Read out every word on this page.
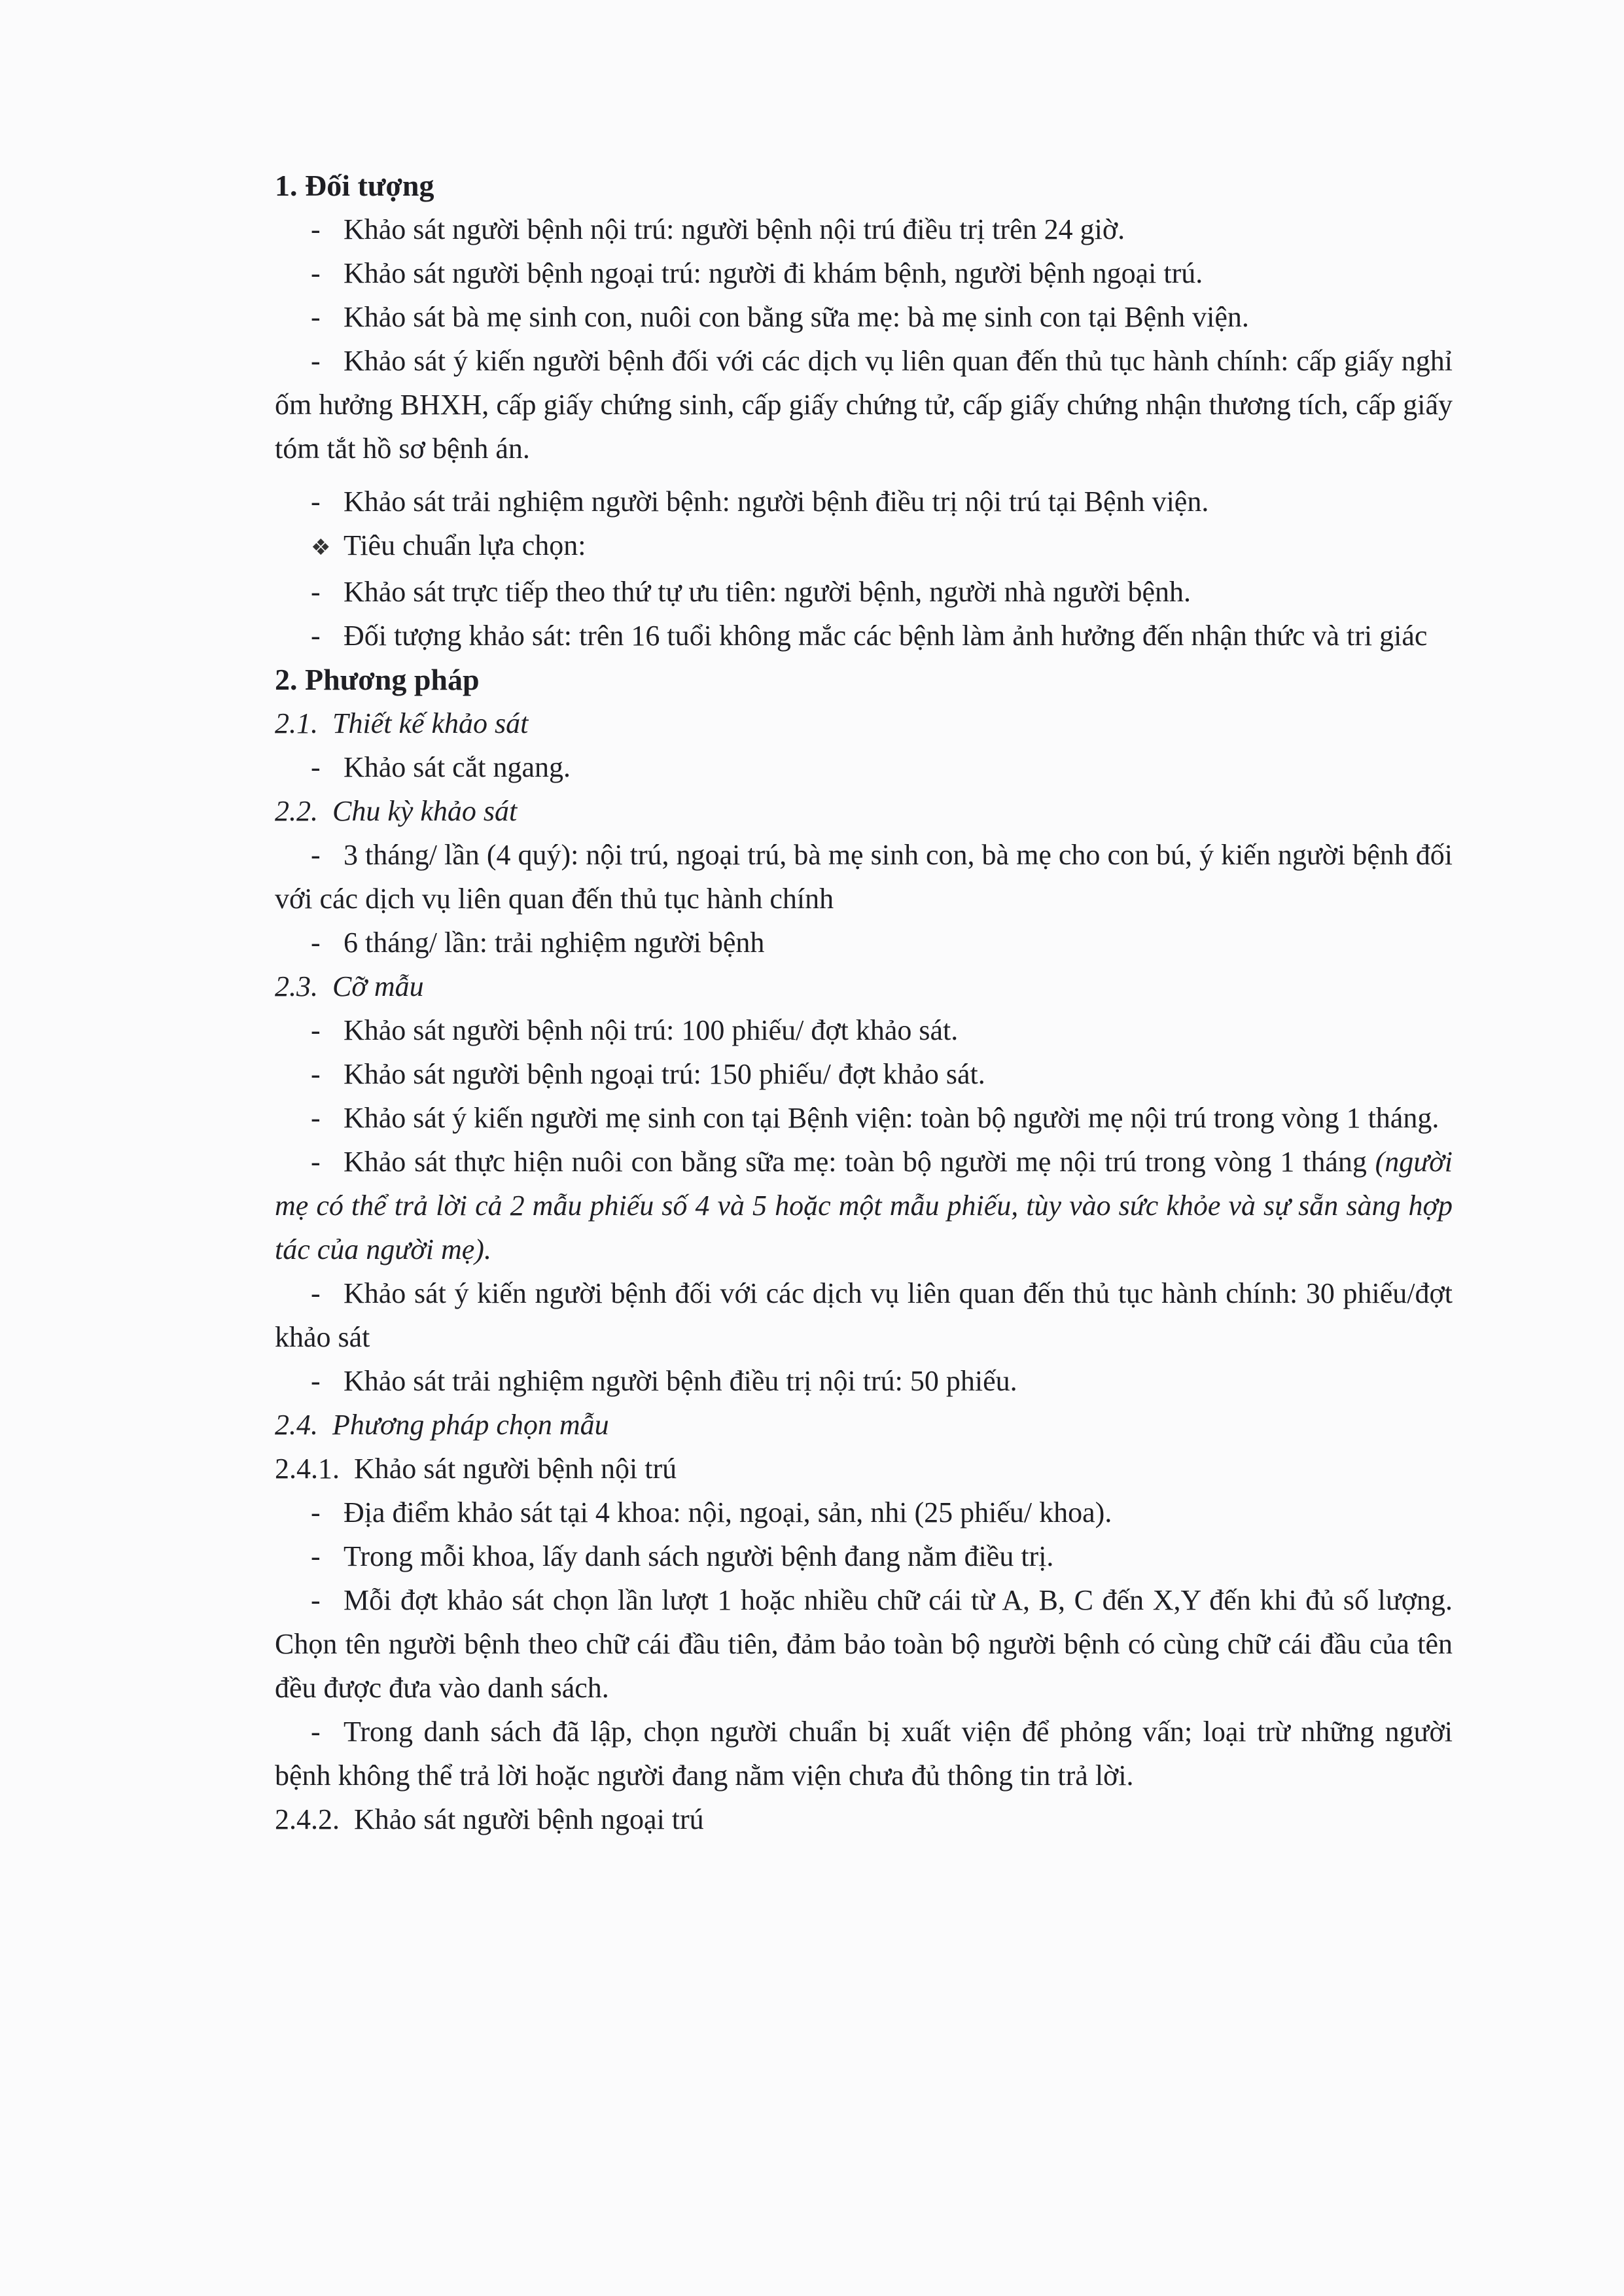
1. Đối tượng
- Khảo sát người bệnh nội trú: người bệnh nội trú điều trị trên 24 giờ.
- Khảo sát người bệnh ngoại trú: người đi khám bệnh, người bệnh ngoại trú.
- Khảo sát bà mẹ sinh con, nuôi con bằng sữa mẹ: bà mẹ sinh con tại Bệnh viện.
- Khảo sát ý kiến người bệnh đối với các dịch vụ liên quan đến thủ tục hành chính: cấp giấy nghỉ ốm hưởng BHXH, cấp giấy chứng sinh, cấp giấy chứng tử, cấp giấy chứng nhận thương tích, cấp giấy tóm tắt hồ sơ bệnh án.
- Khảo sát trải nghiệm người bệnh: người bệnh điều trị nội trú tại Bệnh viện.
❖ Tiêu chuẩn lựa chọn:
- Khảo sát trực tiếp theo thứ tự ưu tiên: người bệnh, người nhà người bệnh.
- Đối tượng khảo sát: trên 16 tuổi không mắc các bệnh làm ảnh hưởng đến nhận thức và tri giác
2. Phương pháp
2.1.  Thiết kế khảo sát
- Khảo sát cắt ngang.
2.2.  Chu kỳ khảo sát
- 3 tháng/ lần (4 quý): nội trú, ngoại trú, bà mẹ sinh con, bà mẹ cho con bú, ý kiến người bệnh đối với các dịch vụ liên quan đến thủ tục hành chính
- 6 tháng/ lần: trải nghiệm người bệnh
2.3.  Cỡ mẫu
- Khảo sát người bệnh nội trú: 100 phiếu/ đợt khảo sát.
- Khảo sát người bệnh ngoại trú: 150 phiếu/ đợt khảo sát.
- Khảo sát ý kiến người mẹ sinh con tại Bệnh viện: toàn bộ người mẹ nội trú trong vòng 1 tháng.
- Khảo sát thực hiện nuôi con bằng sữa mẹ: toàn bộ người mẹ nội trú trong vòng 1 tháng (người mẹ có thể trả lời cả 2 mẫu phiếu số 4 và 5 hoặc một mẫu phiếu, tùy vào sức khỏe và sự sẵn sàng hợp tác của người mẹ).
- Khảo sát ý kiến người bệnh đối với các dịch vụ liên quan đến thủ tục hành chính: 30 phiếu/đợt khảo sát
- Khảo sát trải nghiệm người bệnh điều trị nội trú: 50 phiếu.
2.4.  Phương pháp chọn mẫu
2.4.1.  Khảo sát người bệnh nội trú
- Địa điểm khảo sát tại 4 khoa: nội, ngoại, sản, nhi (25 phiếu/ khoa).
- Trong mỗi khoa, lấy danh sách người bệnh đang nằm điều trị.
- Mỗi đợt khảo sát chọn lần lượt 1 hoặc nhiều chữ cái từ A, B, C đến X,Y đến khi đủ số lượng. Chọn tên người bệnh theo chữ cái đầu tiên, đảm bảo toàn bộ người bệnh có cùng chữ cái đầu của tên đều được đưa vào danh sách.
- Trong danh sách đã lập, chọn người chuẩn bị xuất viện để phỏng vấn; loại trừ những người bệnh không thể trả lời hoặc người đang nằm viện chưa đủ thông tin trả lời.
2.4.2.  Khảo sát người bệnh ngoại trú
